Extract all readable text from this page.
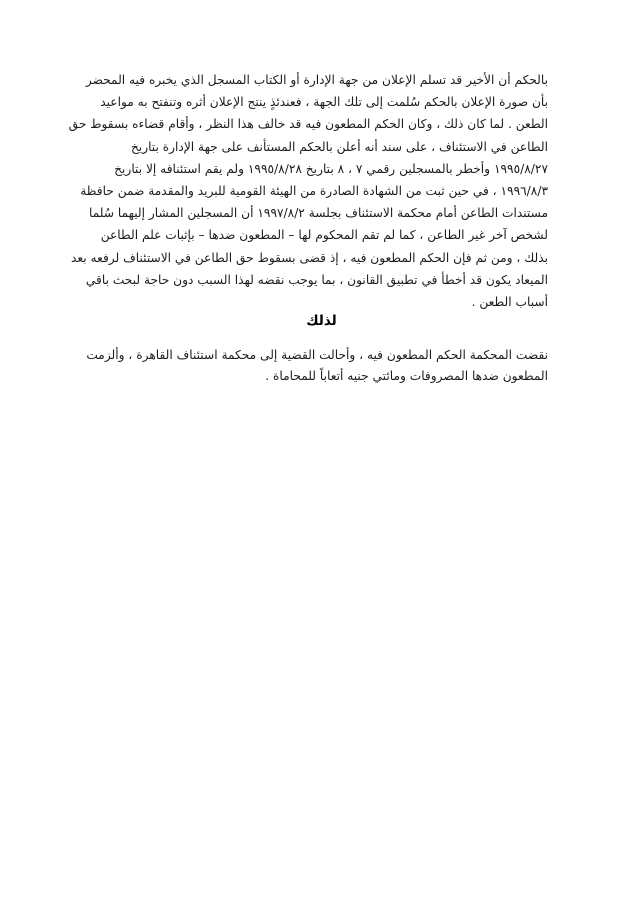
بالحكم أن الأخير قد تسلم الإعلان من جهة الإدارة أو الكتاب المسجل الذي يخبره فيه المحضر
بأن صورة الإعلان بالحكم سُلمت إلى تلك الجهة ، فعندئذٍ ينتج الإعلان أثره وتنفتح به مواعيد
الطعن . لما كان ذلك ، وكان الحكم المطعون فيه قد خالف هذا النظر ، وأقام قضاءه بسقوط حق
الطاعن في الاستئناف ، على سند أنه أعلن بالحكم المستأنف على جهة الإدارة بتاريخ
١٩٩٥/٨/٢٧ وأخطر بالمسجلين رقمي ٧ ، ٨ بتاريخ ١٩٩٥/٨/٢٨ ولم يقم استئنافه إلا بتاريخ
١٩٩٦/٨/٣ ، في حين ثبت من الشهادة الصادرة من الهيئة القومية للبريد والمقدمة ضمن حافظة
مستندات الطاعن أمام محكمة الاستئناف بجلسة ١٩٩٧/٨/٢ أن المسجلين المشار إليهما سُلما
لشخص آخر غير الطاعن ، كما لم تقم المحكوم لها – المطعون ضدها – بإثبات علم الطاعن
بذلك ، ومن ثم فإن الحكم المطعون فيه ، إذ قضى بسقوط حق الطاعن في الاستئناف لرفعه بعد
الميعاد يكون قد أخطأ في تطبيق القانون ، بما يوجب نقضه لهذا السبب دون حاجة لبحث باقي
أسباب الطعن .
لذلك
نقضت المحكمة الحكم المطعون فيه ، وأحالت القضية إلى محكمة استئناف القاهرة ، وألزمت
المطعون ضدها المصروفات ومائتي جنيه أتعاباً للمحاماة .
